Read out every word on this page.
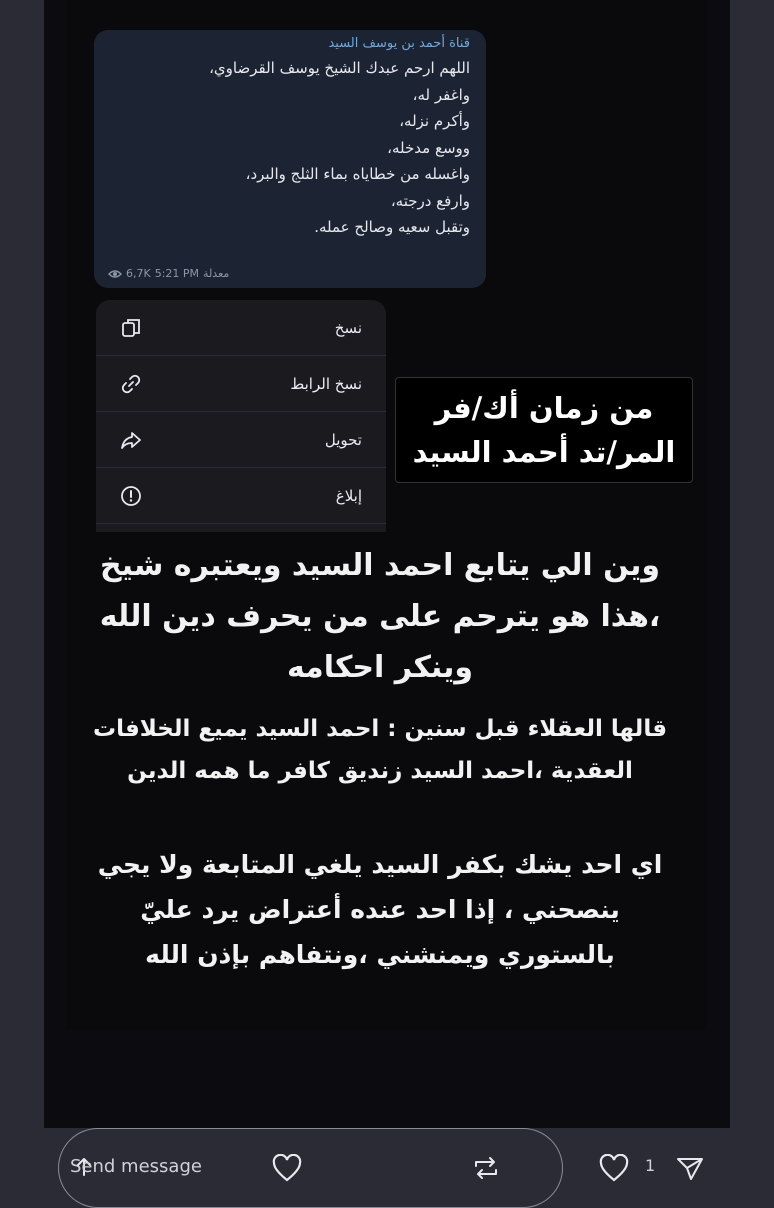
قناة أحمد بن يوسف السيد
اللهم ارحم عبدك الشيخ يوسف القرضاوي،
واغفر له،
وأكرم نزله،
ووسع مدخله،
واغسله من خطاياه بماء الثلج والبرد،
وارفع درجته،
وتقبل سعيه وصالح عمله.
6,7K 5:21 PM معدلة
نسخ
نسخ الرابط
تحويل
إبلاغ
من زمان أك/فر
المر/تد أحمد السيد
وين الي يتابع احمد السيد ويعتبره شيخ ،هذا هو يترحم على من يحرف دين الله وينكر احكامه
قالها العقلاء قبل سنين : احمد السيد يميع الخلافات العقدية ،احمد السيد زنديق كافر ما همه الدين
اي احد يشك بكفر السيد يلغي المتابعة ولا يجي ينصحني ، إذا احد عنده أعتراض يرد عليّ بالستوري ويمنشني ،ونتفاهم بإذن الله
Send message
1
